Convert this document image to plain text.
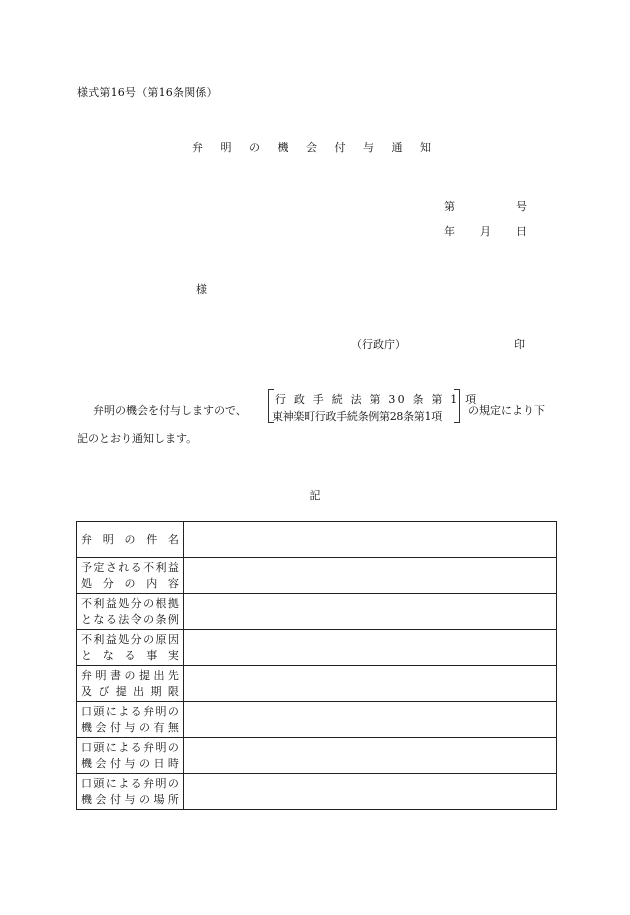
様式第16号（第16条関係）
弁 明 の 機 会 付 与 通 知
第	号
年 月 日
様
（行政庁）	印
弁明の機会を付与しますので、
行 政 手 続 法 第 30 条 第 1 項
東神楽町行政手続条例第28条第1項 の規定により下
記のとおり通知します。
記
弁 明 の 件 名	

予定される不利益
処 分 の 内 容	

不利益処分の根拠
となる法令の条例	

不利益処分の原因
と な る 事 実	

弁明書の提出先
及び提出期限	

口頭による弁明の
機会付与の有無	

口頭による弁明の
機会付与の日時	

口頭による弁明の
機会付与の場所	
